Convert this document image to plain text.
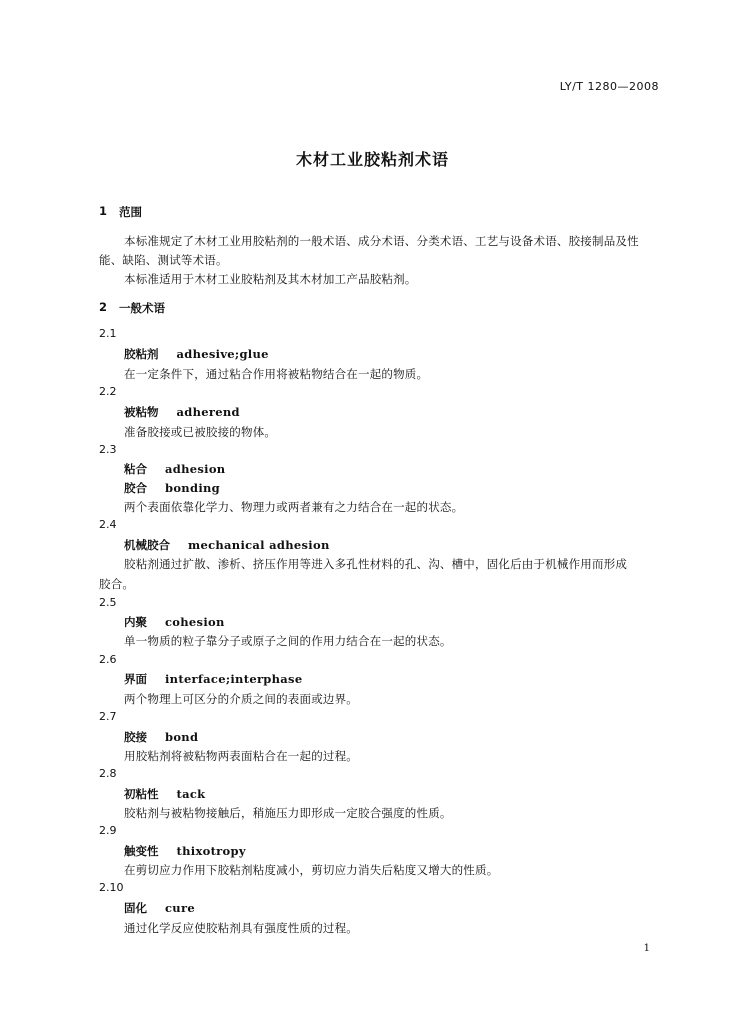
LY/T 1280—2008
木材工业胶粘剂术语
1 范围
本标准规定了木材工业用胶粘剂的一般术语、成分术语、分类术语、工艺与设备术语、胶接制品及性
能、缺陷、测试等术语。
本标准适用于木材工业胶粘剂及其木材加工产品胶粘剂。
2 一般术语
2.1
胶粘剂 adhesive;glue
在一定条件下，通过粘合作用将被粘物结合在一起的物质。
2.2
被粘物 adherend
准备胶接或已被胶接的物体。
2.3
粘合 adhesion
胶合 bonding
两个表面依靠化学力、物理力或两者兼有之力结合在一起的状态。
2.4
机械胶合 mechanical adhesion
胶粘剂通过扩散、渗析、挤压作用等进入多孔性材料的孔、沟、槽中，固化后由于机械作用而形成
胶合。
2.5
内聚 cohesion
单一物质的粒子靠分子或原子之间的作用力结合在一起的状态。
2.6
界面 interface;interphase
两个物理上可区分的介质之间的表面或边界。
2.7
胶接 bond
用胶粘剂将被粘物两表面粘合在一起的过程。
2.8
初粘性 tack
胶粘剂与被粘物接触后，稍施压力即形成一定胶合强度的性质。
2.9
触变性 thixotropy
在剪切应力作用下胶粘剂粘度减小，剪切应力消失后粘度又增大的性质。
2.10
固化 cure
通过化学反应使胶粘剂具有强度性质的过程。
1
